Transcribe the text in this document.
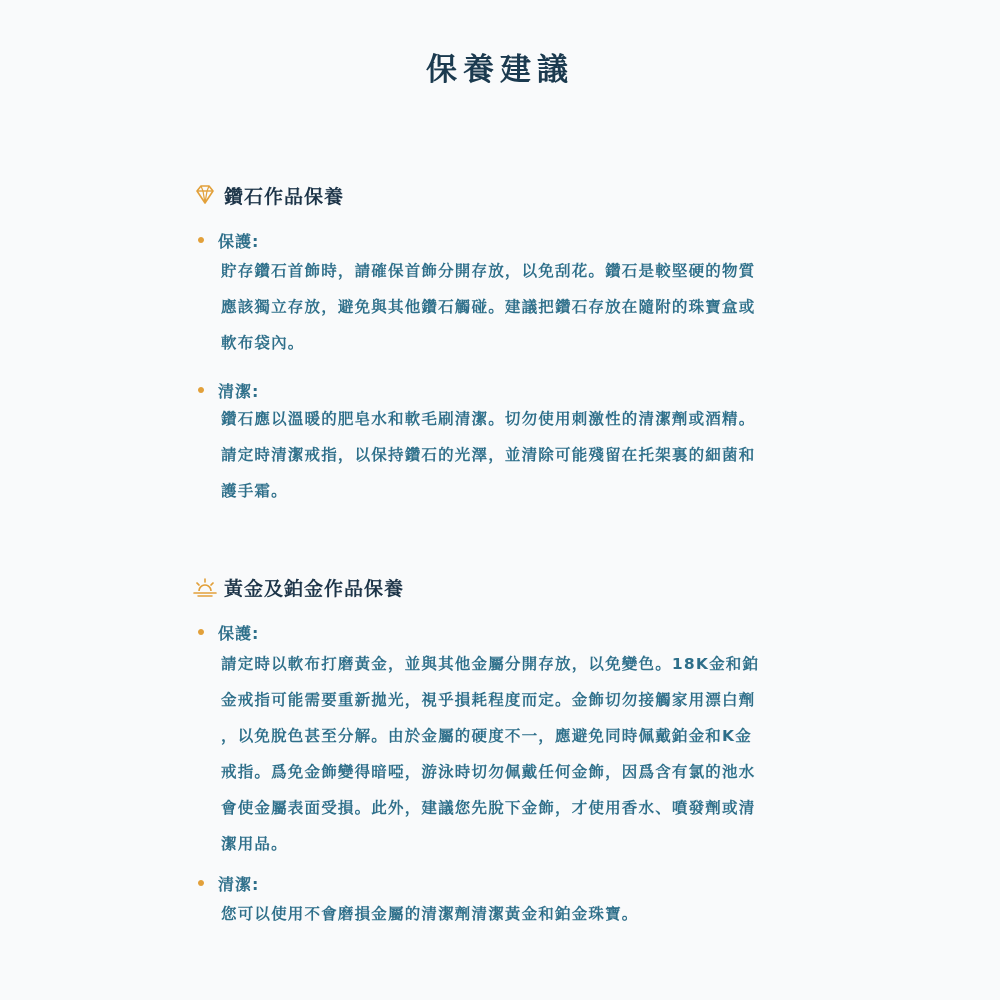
保養建議
鑽石作品保養
保護:
貯存鑽石首飾時，請確保首飾分開存放，以免刮花。鑽石是較堅硬的物質
應該獨立存放，避免與其他鑽石觸碰。建議把鑽石存放在隨附的珠寶盒或
軟布袋內。
清潔:
鑽石應以溫暖的肥皂水和軟毛刷清潔。切勿使用刺激性的清潔劑或酒精。
請定時清潔戒指，以保持鑽石的光澤，並清除可能殘留在托架裏的細菌和
護手霜。
黃金及鉑金作品保養
保護:
請定時以軟布打磨黃金，並與其他金屬分開存放，以免變色。18K金和鉑
金戒指可能需要重新拋光，視乎損耗程度而定。金飾切勿接觸家用漂白劑
，以免脫色甚至分解。由於金屬的硬度不一，應避免同時佩戴鉑金和K金
戒指。爲免金飾變得暗啞，游泳時切勿佩戴任何金飾，因爲含有氯的池水
會使金屬表面受損。此外，建議您先脫下金飾，才使用香水、噴發劑或清
潔用品。
清潔:
您可以使用不會磨損金屬的清潔劑清潔黃金和鉑金珠寶。
